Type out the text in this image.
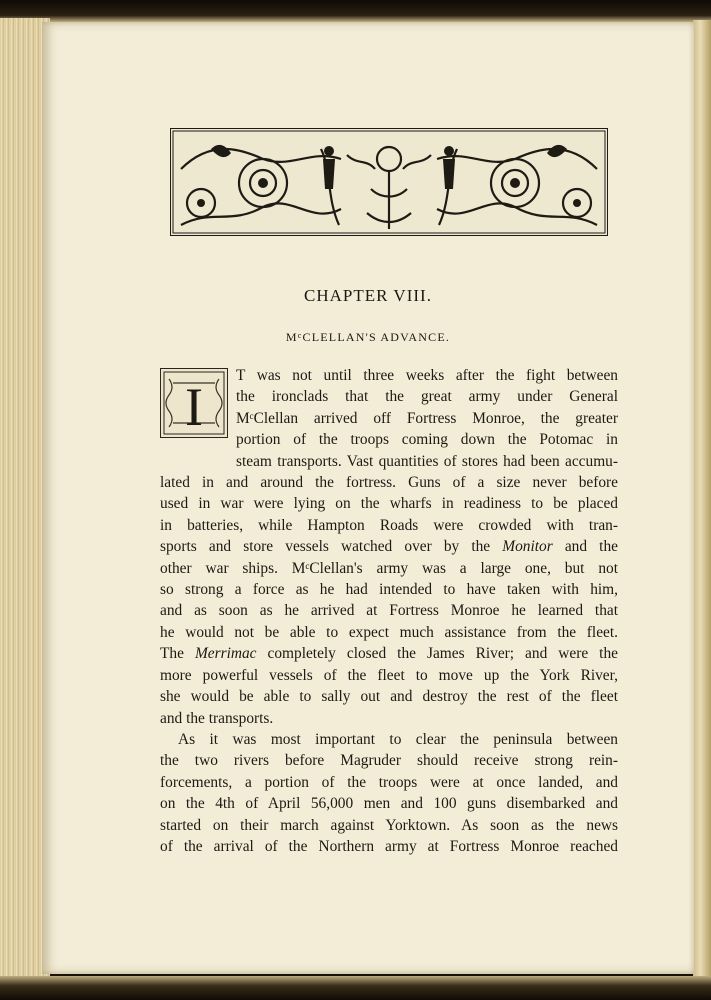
CHAPTER VIII.
$M^cCLELLAN'S$ ADVANCE.
I

T was not until three weeks after the fight between
the ironclads that the great army under General
MᶜClellan arrived off Fortress Monroe, the greater
portion of the troops coming down the Potomac in
steam transports. Vast quantities of stores had been accumu-
lated in and around the fortress. Guns of a size never before
used in war were lying on the wharfs in readiness to be placed
in batteries, while Hampton Roads were crowded with tran-
sports and store vessels watched over by the Monitor and the
other war ships. MᶜClellan's army was a large one, but not
so strong a force as he had intended to have taken with him,
and as soon as he arrived at Fortress Monroe he learned that
he would not be able to expect much assistance from the fleet.
The Merrimac completely closed the James River; and were the
more powerful vessels of the fleet to move up the York River,
she would be able to sally out and destroy the rest of the fleet
and the transports.

As it was most important to clear the peninsula between
the two rivers before Magruder should receive strong rein-
forcements, a portion of the troops were at once landed, and
on the 4th of April 56,000 men and 100 guns disembarked and
started on their march against Yorktown. As soon as the news
of the arrival of the Northern army at Fortress Monroe reached
